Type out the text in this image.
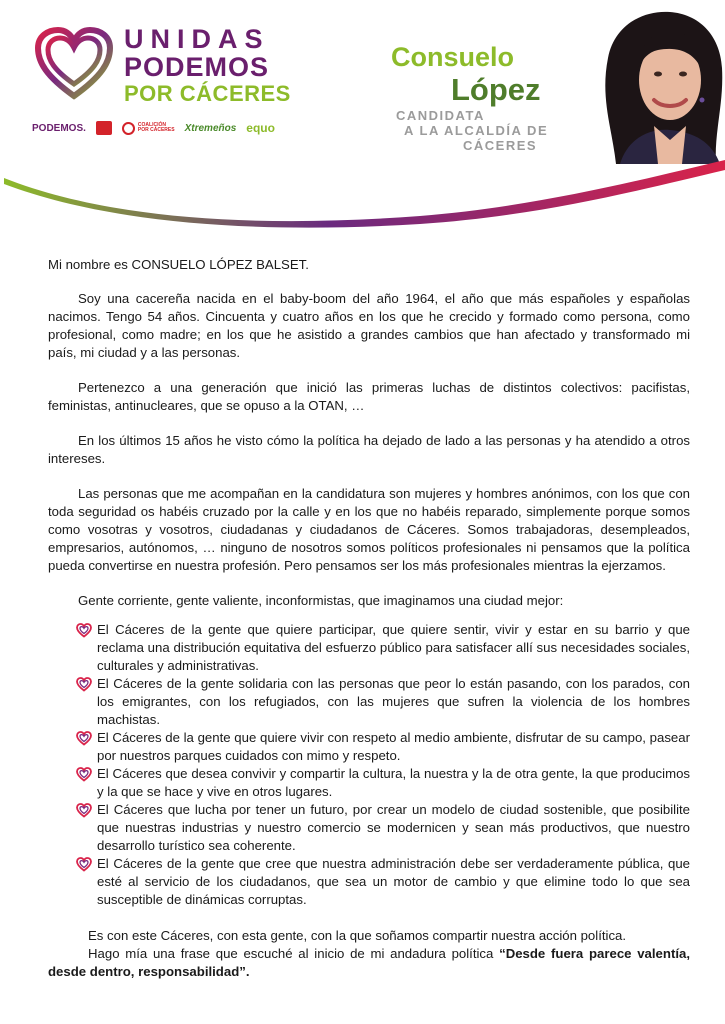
UNIDAS
PODEMOS
POR CÁCERES
PODEMOS.	COALICIÓN
POR CÁCERES Xtremeños equo
Consuelo
López
CANDIDATA
A LA ALCALDÍA DE
CÁCERES

Mi nombre es CONSUELO LÓPEZ BALSET.

Soy una cacereña nacida en el baby-boom del año 1964, el año que más españoles y españolas nacimos. Tengo 54 años. Cincuenta y cuatro años en los que he crecido y formado como persona, como profesional, como madre; en los que he asistido a grandes cambios que han afectado y transformado mi país, mi ciudad y a las personas.

Pertenezco a una generación que inició las primeras luchas de distintos colectivos: pacifistas, feministas, antinucleares, que se opuso a la OTAN, …

En los últimos 15 años he visto cómo la política ha dejado de lado a las personas y ha atendido a otros intereses.

Las personas que me acompañan en la candidatura son mujeres y hombres anónimos, con los que con toda seguridad os habéis cruzado por la calle y en los que no habéis reparado, simplemente porque somos como vosotras y vosotros, ciudadanas y ciudadanos de Cáceres. Somos trabajadoras, desempleados, empresarios, autónomos, … ninguno de nosotros somos políticos profesionales ni pensamos que la política pueda convertirse en nuestra profesión. Pero pensamos ser los más profesionales mientras la ejerzamos.

Gente corriente, gente valiente, inconformistas, que imaginamos una ciudad mejor:

El Cáceres de la gente que quiere participar, que quiere sentir, vivir y estar en su barrio y que reclama una distribución equitativa del esfuerzo público para satisfacer allí sus necesidades sociales, culturales y administrativas.
El Cáceres de la gente solidaria con las personas que peor lo están pasando, con los parados, con los emigrantes, con los refugiados, con las mujeres que sufren la violencia de los hombres machistas.
El Cáceres de la gente que quiere vivir con respeto al medio ambiente, disfrutar de su campo, pasear por nuestros parques cuidados con mimo y respeto.
El Cáceres que desea convivir y compartir la cultura, la nuestra y la de otra gente, la que producimos y la que se hace y vive en otros lugares.
El Cáceres que lucha por tener un futuro, por crear un modelo de ciudad sostenible, que posibilite que nuestras industrias y nuestro comercio se modernicen y sean más productivos, que nuestro desarrollo turístico sea coherente.
El Cáceres de la gente que cree que nuestra administración debe ser verdaderamente pública, que esté al servicio de los ciudadanos, que sea un motor de cambio y que elimine todo lo que sea susceptible de dinámicas corruptas.

Es con este Cáceres, con esta gente, con la que soñamos compartir nuestra acción política.

Hago mía una frase que escuché al inicio de mi andadura política “Desde fuera parece valentía, desde dentro, responsabilidad”.
